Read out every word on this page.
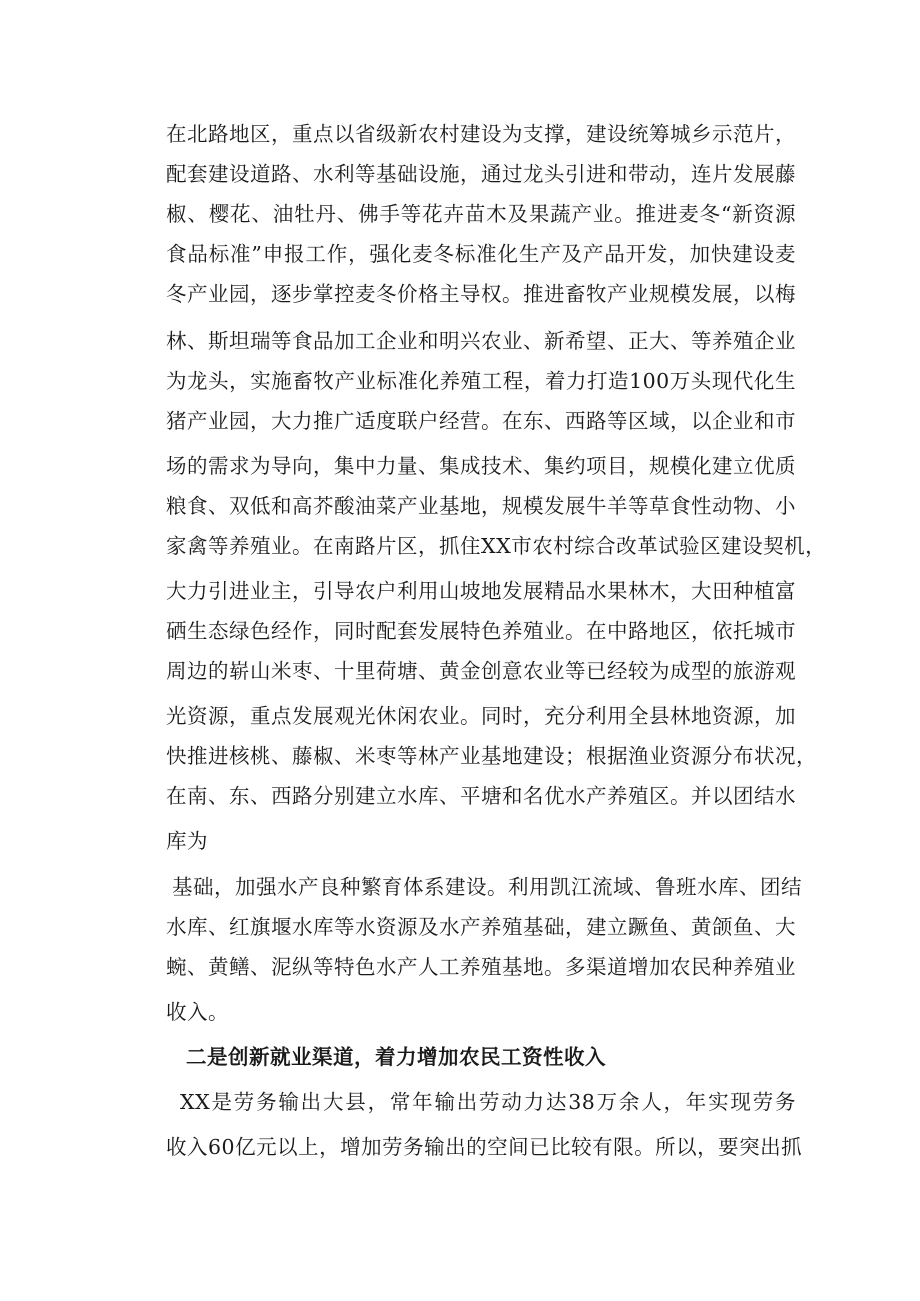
在北路地区，重点以省级新农村建设为支撑，建设统筹城乡示范片，
配套建设道路、水利等基础设施，通过龙头引进和带动，连片发展藤
椒、樱花、油牡丹、佛手等花卉苗木及果蔬产业。推进麦冬“新资源
食品标准”申报工作，强化麦冬标准化生产及产品开发，加快建设麦
冬产业园，逐步掌控麦冬价格主导权。推进畜牧产业规模发展，以梅
林、斯坦瑞等食品加工企业和明兴农业、新希望、正大、等养殖企业
为龙头，实施畜牧产业标准化养殖工程，着力打造100万头现代化生
猪产业园，大力推广适度联户经营。在东、西路等区域，以企业和市
场的需求为导向，集中力量、集成技术、集约项目，规模化建立优质
粮食、双低和高芥酸油菜产业基地，规模发展牛羊等草食性动物、小
家禽等养殖业。在南路片区，抓住XX市农村综合改革试验区建设契机，
大力引进业主，引导农户利用山坡地发展精品水果林木，大田种植富
硒生态绿色经作，同时配套发展特色养殖业。在中路地区，依托城市
周边的崭山米枣、十里荷塘、黄金创意农业等已经较为成型的旅游观
光资源，重点发展观光休闲农业。同时，充分利用全县林地资源，加
快推进核桃、藤椒、米枣等林产业基地建设；根据渔业资源分布状况，
在南、东、西路分别建立水库、平塘和名优水产养殖区。并以团结水
库为
基础，加强水产良种繁育体系建设。利用凯江流域、鲁班水库、团结
水库、红旗堰水库等水资源及水产养殖基础，建立蹶鱼、黄颌鱼、大
蜿、黄鳝、泥纵等特色水产人工养殖基地。多渠道增加农民种养殖业
收入。
二是创新就业渠道，着力增加农民工资性收入
XX是劳务输出大县，常年输出劳动力达38万余人，年实现劳务
收入60亿元以上，增加劳务输出的空间已比较有限。所以，要突出抓
